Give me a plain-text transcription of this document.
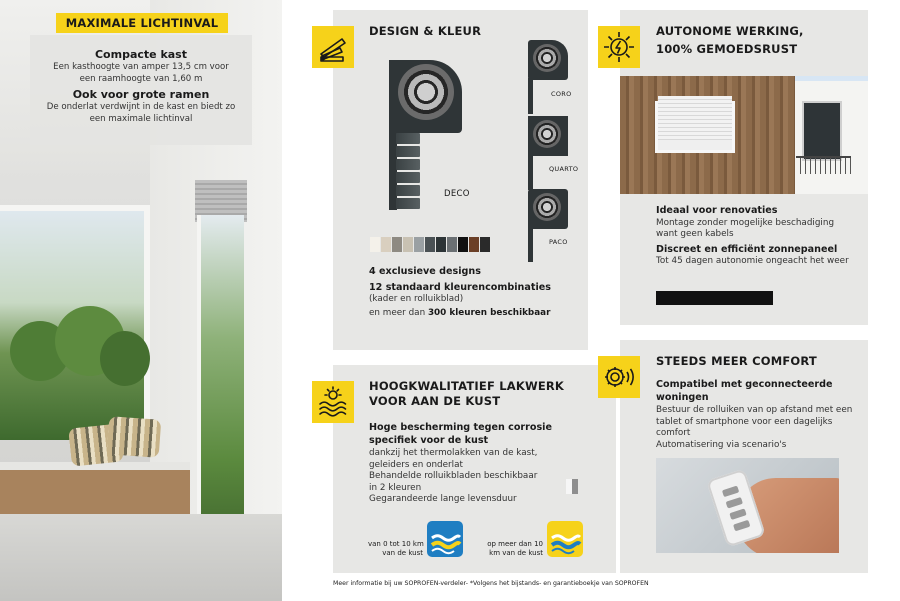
MAXIMALE LICHTINVAL
Compacte kast
Een kasthoogte van amper 13,5 cm voor
een raamhoogte van 1,60 m
Ook voor grote ramen
De onderlat verdwijnt in de kast en biedt zo
een maximale lichtinval
DESIGN & KLEUR
DECO
CORO
QUARTO
PACO
4 exclusieve designs
12 standaard kleurencombinaties
(kader en rolluikblad)
en meer dan 300 kleuren beschikbaar
AUTONOME WERKING,
100% GEMOEDSRUST
Ideaal voor renovaties
Montage zonder mogelijke beschadiging
want geen kabels
Discreet en efficiënt zonnepaneel
Tot 45 dagen autonomie ongeacht het weer
HOOGKWALITATIEF LAKWERK
VOOR AAN DE KUST
Hoge bescherming tegen corrosie
specifiek voor de kust
dankzij het thermolakken van de kast,
geleiders en onderlat
Behandelde rolluikbladen beschikbaar
in 2 kleuren
Gegarandeerde lange levensduur
van 0 tot 10 km
van de kust
op meer dan 10
km van de kust
STEEDS MEER COMFORT
Compatibel met geconnecteerde
woningen
Bestuur de rolluiken van op afstand met een
tablet of smartphone voor een dagelijks
comfort
Automatisering via scenario's
Meer informatie bij uw SOPROFEN-verdeler- *Volgens het bijstands- en garantieboekje van SOPROFEN
